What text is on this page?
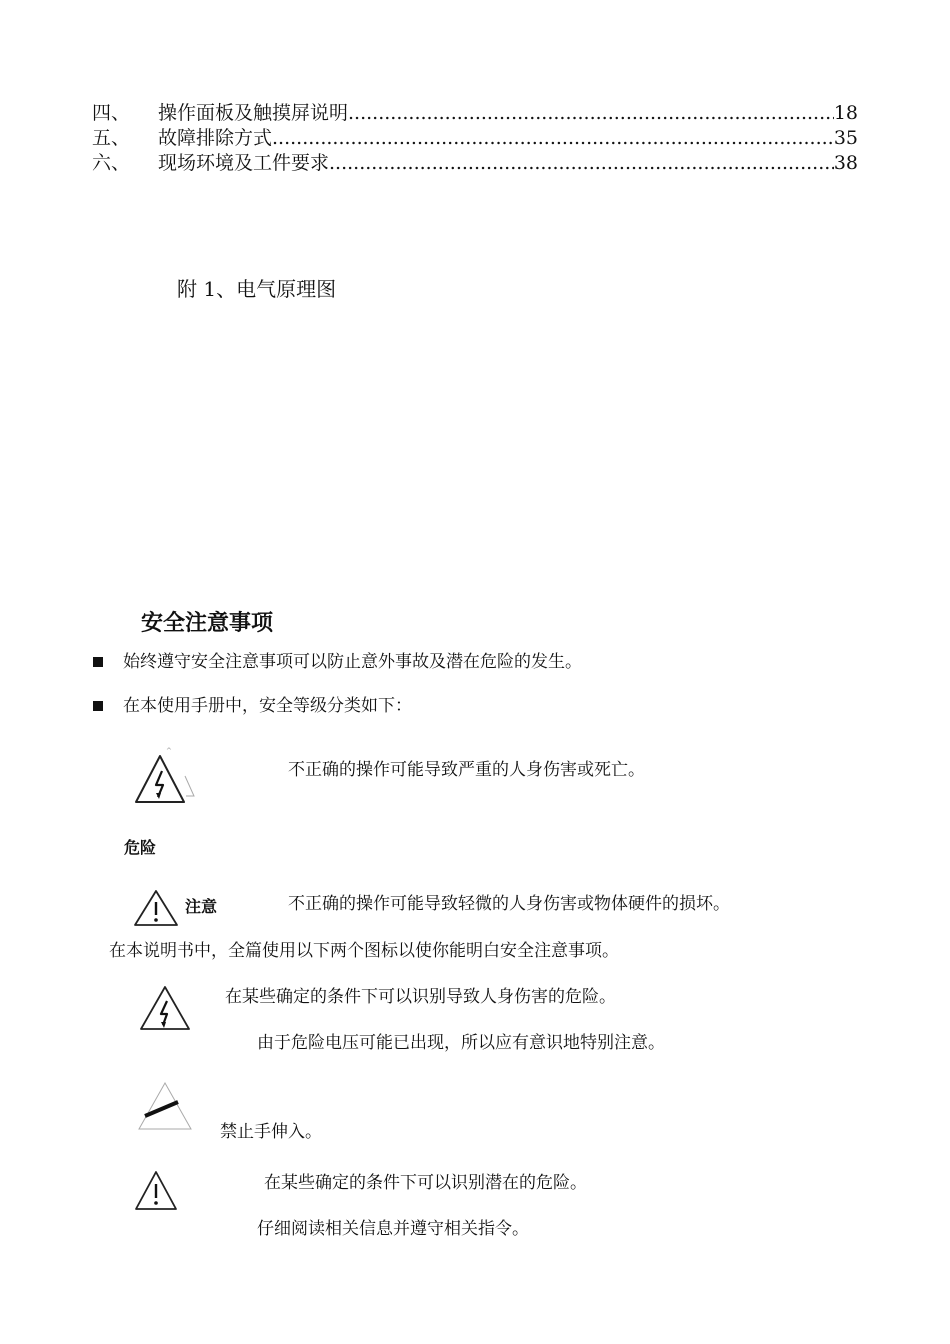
四、	操作面板及触摸屏说明 .....	18
五、	故障排除方式 .....	35
六、	现场环境及工件要求 .....	38
附 1、电气原理图
安全注意事项
始终遵守安全注意事项可以防止意外事故及潜在危险的发生。
在本使用手册中，安全等级分类如下：
^
不正确的操作可能导致严重的人身伤害或死亡。
危险
注意	不正确的操作可能导致轻微的人身伤害或物体硬件的损坏。
在本说明书中，全篇使用以下两个图标以使你能明白安全注意事项。
在某些确定的条件下可以识别导致人身伤害的危险。
由于危险电压可能已出现，所以应有意识地特别注意。
禁止手伸入。
在某些确定的条件下可以识别潜在的危险。
仔细阅读相关信息并遵守相关指令。
